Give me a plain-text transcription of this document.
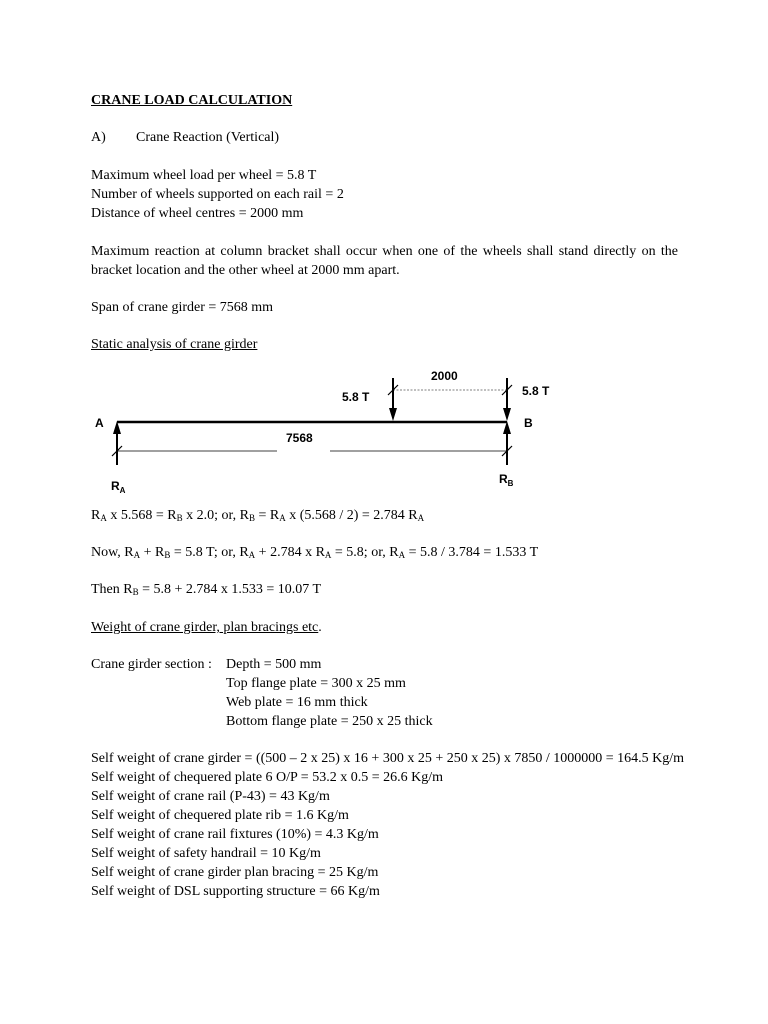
CRANE LOAD CALCULATION
A) Crane Reaction (Vertical)
Maximum wheel load per wheel = 5.8 T
Number of wheels supported on each rail = 2
Distance of wheel centres = 2000 mm
Maximum reaction at column bracket shall occur when one of the wheels shall stand directly on the bracket location and the other wheel at 2000 mm apart.
Span of crane girder = 7568 mm
Static analysis of crane girder
2000
5.8 T	5.8 T
A	B
7568
$R_A$
$R_B$
$R_A$ x $5.568 = R_B$ x 2.0; or, $R_B = R_A$ x (5.568 / 2) = 2.784 $R_A$
Now, $R_A + R_B = 5.8$ T; or, $R_A + 2.784$ x $R_A = 5.8$; or, $R_A = 5.8 / 3.784 = 1.533$ T
Then $R_B = 5.8 + 2.784$ x 1.533 = 10.07 T
Weight of crane girder, plan bracings etc.
Crane girder section : Depth = 500 mm
Top flange plate = 300 x 25 mm
Web plate = 16 mm thick
Bottom flange plate = 250 x 25 thick
Self weight of crane girder = ((500 – 2 x 25) x 16 + 300 x 25 + 250 x 25) x 7850 / 1000000 = 164.5 Kg/m
Self weight of chequered plate 6 O/P = 53.2 x 0.5 = 26.6 Kg/m
Self weight of crane rail (P-43) = 43 Kg/m
Self weight of chequered plate rib = 1.6 Kg/m
Self weight of crane rail fixtures (10%) = 4.3 Kg/m
Self weight of safety handrail = 10 Kg/m
Self weight of crane girder plan bracing = 25 Kg/m
Self weight of DSL supporting structure = 66 Kg/m
